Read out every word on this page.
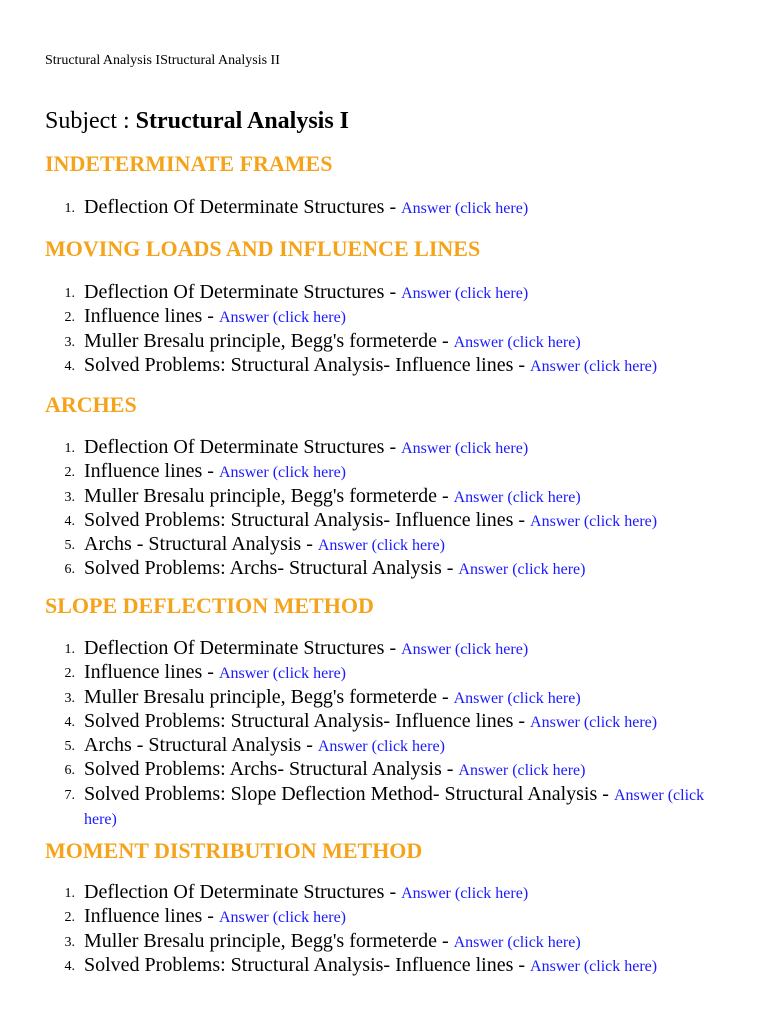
Structural Analysis IStructural Analysis II
Subject : Structural Analysis I
INDETERMINATE FRAMES
1. Deflection Of Determinate Structures - Answer (click here)
MOVING LOADS AND INFLUENCE LINES
1. Deflection Of Determinate Structures - Answer (click here)
2. Influence lines - Answer (click here)
3. Muller Bresalu principle, Begg's formeterde - Answer (click here)
4. Solved Problems: Structural Analysis- Influence lines - Answer (click here)
ARCHES
1. Deflection Of Determinate Structures - Answer (click here)
2. Influence lines - Answer (click here)
3. Muller Bresalu principle, Begg's formeterde - Answer (click here)
4. Solved Problems: Structural Analysis- Influence lines - Answer (click here)
5. Archs - Structural Analysis - Answer (click here)
6. Solved Problems: Archs- Structural Analysis - Answer (click here)
SLOPE DEFLECTION METHOD
1. Deflection Of Determinate Structures - Answer (click here)
2. Influence lines - Answer (click here)
3. Muller Bresalu principle, Begg's formeterde - Answer (click here)
4. Solved Problems: Structural Analysis- Influence lines - Answer (click here)
5. Archs - Structural Analysis - Answer (click here)
6. Solved Problems: Archs- Structural Analysis - Answer (click here)
7. Solved Problems: Slope Deflection Method- Structural Analysis - Answer (click here)
MOMENT DISTRIBUTION METHOD
1. Deflection Of Determinate Structures - Answer (click here)
2. Influence lines - Answer (click here)
3. Muller Bresalu principle, Begg's formeterde - Answer (click here)
4. Solved Problems: Structural Analysis- Influence lines - Answer (click here)
